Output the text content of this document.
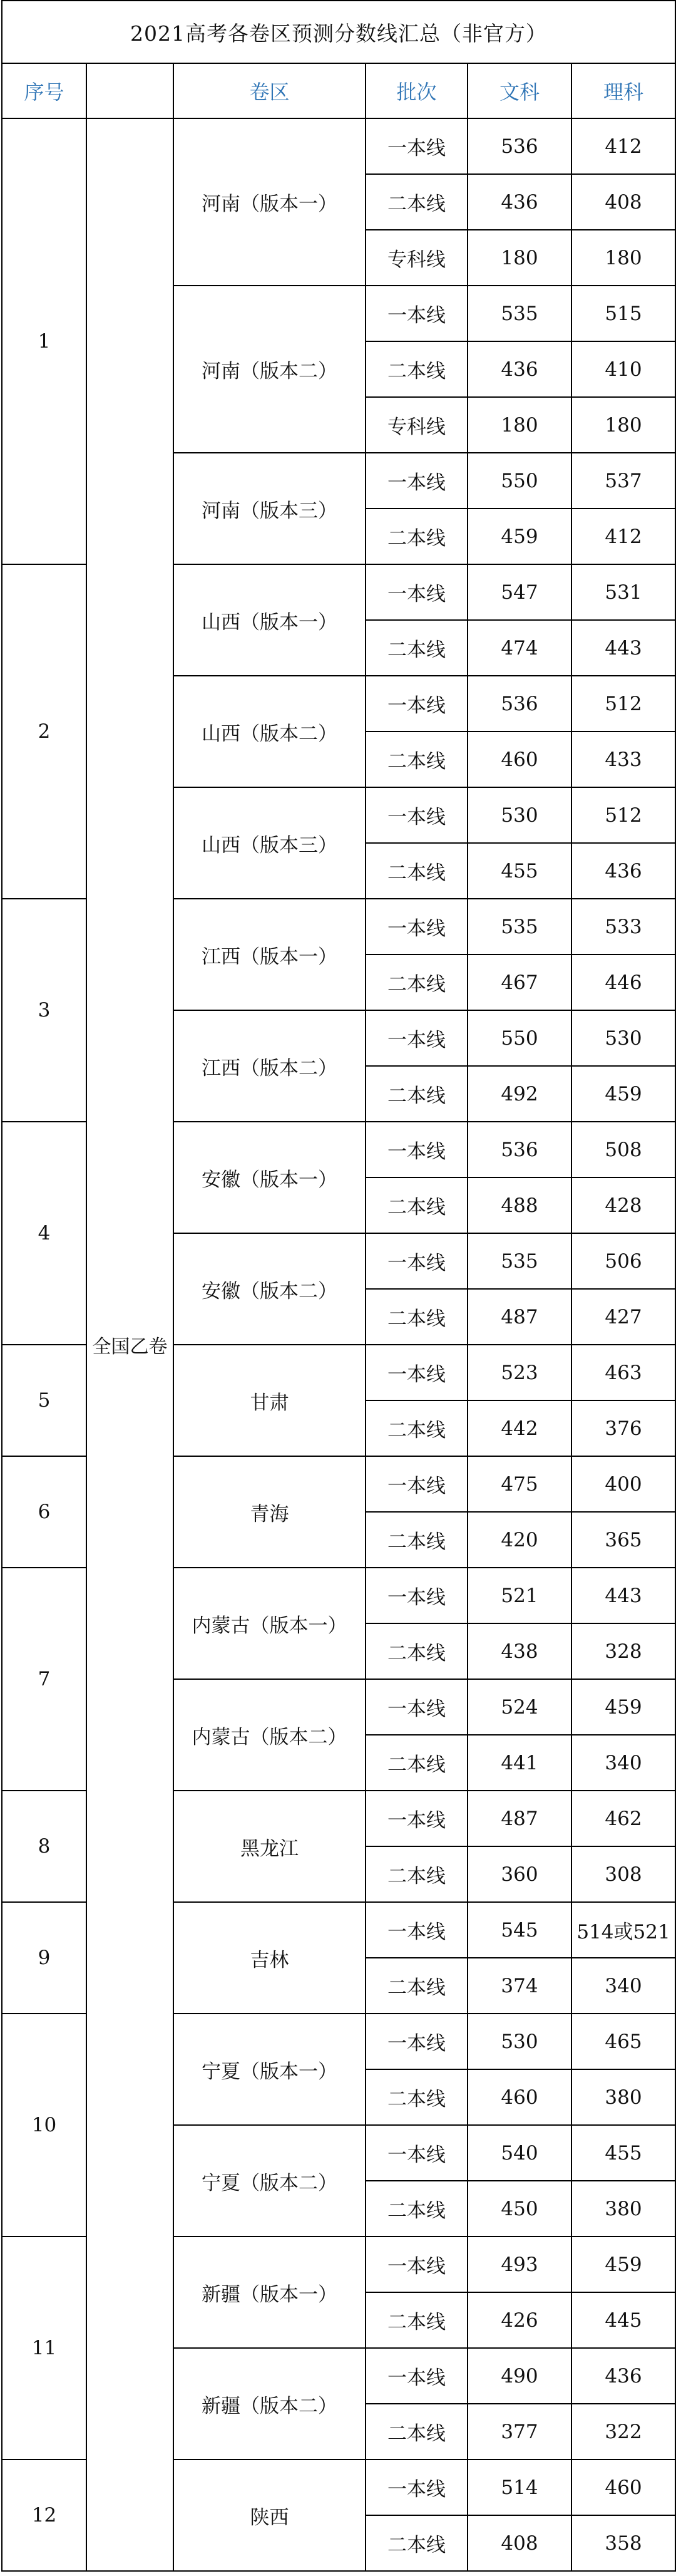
2021高考各卷区预测分数线汇总（非官方）					
序号		卷区	批次	文科	理科
1	全国乙卷	河南（版本一）	一本线	536	412
			二本线	436	408
			专科线	180	180
		河南（版本二）	一本线	535	515
			二本线	436	410
			专科线	180	180
		河南（版本三）	一本线	550	537
			二本线	459	412
2		山西（版本一）	一本线	547	531
			二本线	474	443
		山西（版本二）	一本线	536	512
			二本线	460	433
		山西（版本三）	一本线	530	512
			二本线	455	436
3		江西（版本一）	一本线	535	533
			二本线	467	446
		江西（版本二）	一本线	550	530
			二本线	492	459
4		安徽（版本一）	一本线	536	508
			二本线	488	428
		安徽（版本二）	一本线	535	506
			二本线	487	427
5		甘肃	一本线	523	463
			二本线	442	376
6		青海	一本线	475	400
			二本线	420	365
7		内蒙古（版本一）	一本线	521	443
			二本线	438	328
		内蒙古（版本二）	一本线	524	459
			二本线	441	340
8		黑龙江	一本线	487	462
			二本线	360	308
9		吉林	一本线	545	514或521
			二本线	374	340
10		宁夏（版本一）	一本线	530	465
			二本线	460	380
		宁夏（版本二）	一本线	540	455
			二本线	450	380
11		新疆（版本一）	一本线	493	459
			二本线	426	445
		新疆（版本二）	一本线	490	436
			二本线	377	322
12		陕西	一本线	514	460
			二本线	408	358
